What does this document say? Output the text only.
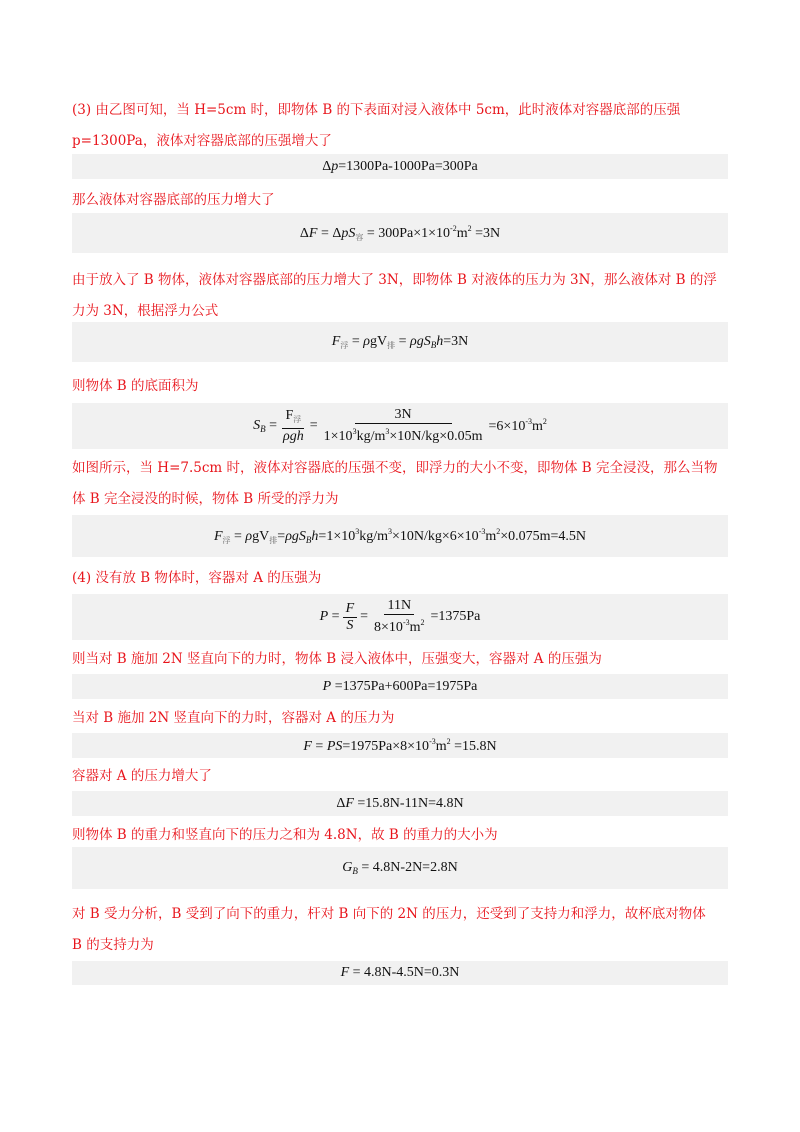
(3) 由乙图可知，当 H=5cm 时，即物体 B 的下表面对浸入液体中 5cm，此时液体对容器底部的压强
p=1300Pa，液体对容器底部的压强增大了
Δp=1300Pa-1000Pa=300Pa
那么液体对容器底部的压力增大了
$\Delta F = \Delta pS_容 = 300Pa\times 1\times 10^{-2}m^2 =3N$
由于放入了 B 物体，液体对容器底部的压力增大了 3N，即物体 B 对液体的压力为 3N，那么液体对 B 的浮
力为 3N，根据浮力公式
$F_浮 = \rho gV_排 = \rho gS_Bh=3N$
则物体 B 的底面积为
$S_B = \frac{F_浮}{\text{ρgh}} = \frac{3N}{1\times 10^3kg/m^3\times 10N/kg\times 0.05m} =6\times 10^{-3}m^2$
如图所示，当 H=7.5cm 时，液体对容器底的压强不变，即浮力的大小不变，即物体 B 完全浸没，那么当物
体 B 完全浸没的时候，物体 B 所受的浮力为
$F_浮 = \rho gV_排=\rho gS_Bh=1\times 10^3kg/m^3\times 10N/kg\times 6\times 10^{-3}m^2\times 0.075m=4.5N$
(4) 没有放 B 物体时，容器对 A 的压强为
$P = \frac{F}{S} = \frac{11N}{8\times 10^{-3}m^2} =1375Pa$
则当对 B 施加 2N 竖直向下的力时，物体 B 浸入液体中，压强变大，容器对 A 的压强为
P =1375Pa+600Pa=1975Pa
当对 B 施加 2N 竖直向下的力时，容器对 A 的压力为
$F = PS=1975Pa\times 8\times 10^{-3}m^2 =15.8N$
容器对 A 的压力增大了
ΔF =15.8N-11N=4.8N
则物体 B 的重力和竖直向下的压力之和为 4.8N，故 B 的重力的大小为
$G_B = 4.8N-2N=2.8N$
对 B 受力分析，B 受到了向下的重力，杆对 B 向下的 2N 的压力，还受到了支持力和浮力，故杯底对物体
B 的支持力为
F = 4.8N-4.5N=0.3N
